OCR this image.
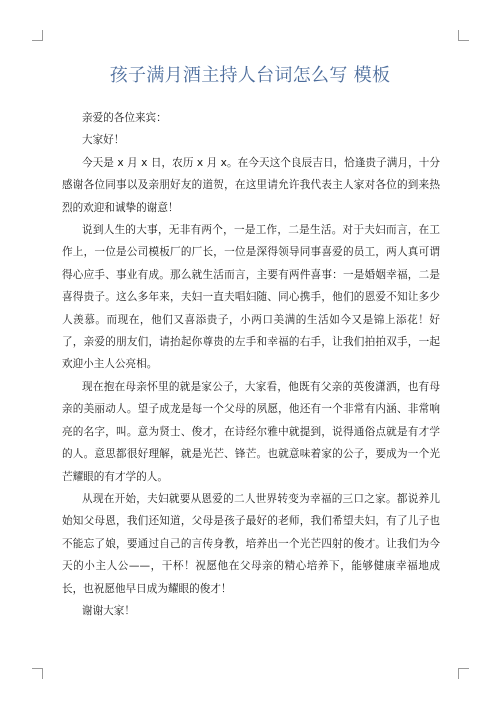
孩子满月酒主持人台词怎么写 模板

亲爱的各位来宾：

大家好！

今天是 x 月 x 日，农历 x 月 x。在今天这个良辰吉日，恰逢贵子满月，十分感谢各位同事以及亲朋好友的道贺，在这里请允许我代表主人家对各位的到来热烈的欢迎和诚挚的谢意！

说到人生的大事，无非有两个，一是工作，二是生活。对于夫妇而言，在工作上，一位是公司模板厂的厂长，一位是深得领导同事喜爱的员工，两人真可谓得心应手、事业有成。那么就生活而言，主要有两件喜事：一是婚姻幸福，二是喜得贵子。这么多年来，夫妇一直夫唱妇随、同心携手，他们的恩爱不知让多少人羡慕。而现在，他们又喜添贵子，小两口美满的生活如今又是锦上添花！好了，亲爱的朋友们，请抬起你尊贵的左手和幸福的右手，让我们拍拍双手，一起欢迎小主人公亮相。

现在抱在母亲怀里的就是家公子，大家看，他既有父亲的英俊潇洒，也有母亲的美丽动人。望子成龙是每一个父母的夙愿，他还有一个非常有内涵、非常响亮的名字，叫。意为贤士、俊才，在诗经尔雅中就提到，说得通俗点就是有才学的人。意思都很好理解，就是光芒、锋芒。也就意味着家的公子，要成为一个光芒耀眼的有才学的人。

从现在开始，夫妇就要从恩爱的二人世界转变为幸福的三口之家。都说养儿始知父母恩，我们还知道，父母是孩子最好的老师，我们希望夫妇，有了儿子也不能忘了娘，要通过自己的言传身教，培养出一个光芒四射的俊才。让我们为今天的小主人公——，干杯！祝愿他在父母亲的精心培养下，能够健康幸福地成长，也祝愿他早日成为耀眼的俊才！

谢谢大家！
